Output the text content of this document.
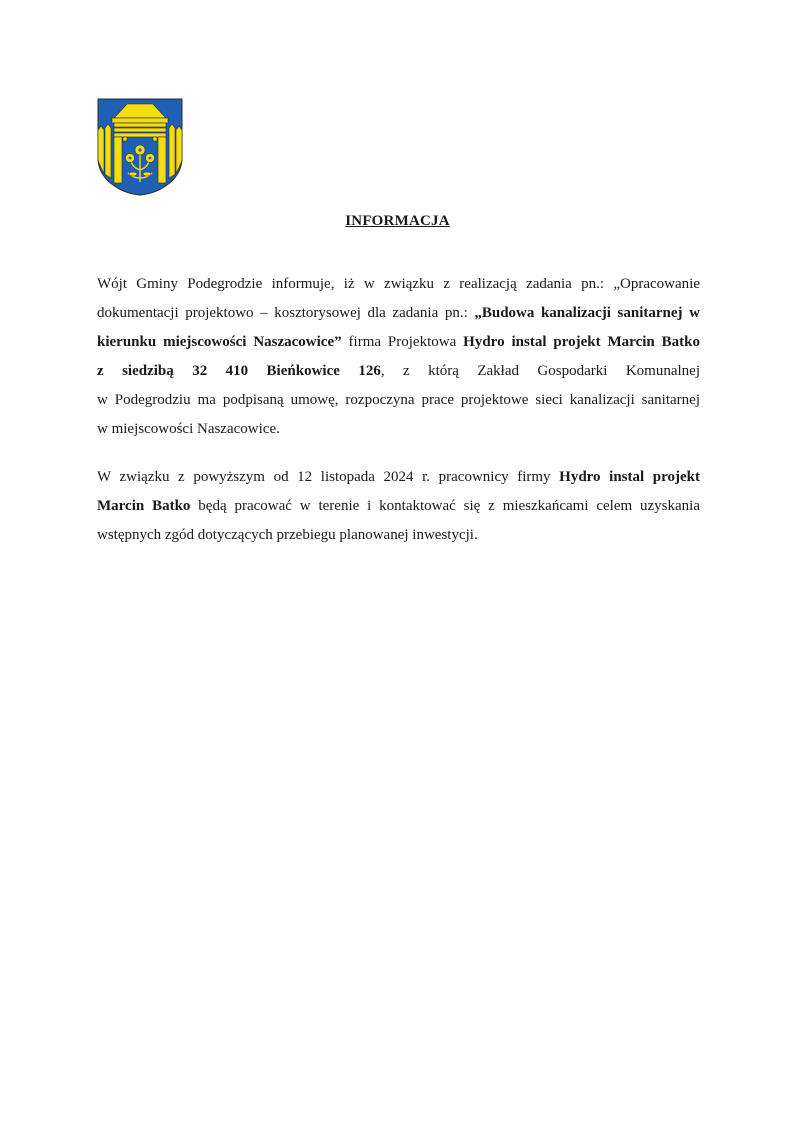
INFORMACJA
Wójt Gminy Podegrodzie informuje, iż w związku z realizacją zadania pn.: „Opracowanie
dokumentacji projektowo – kosztorysowej dla zadania pn.: „Budowa kanalizacji sanitarnej w
kierunku miejscowości Naszacowice” firma Projektowa Hydro instal projekt Marcin Batko
z siedzibą 32 410 Bieńkowice 126, z którą Zakład Gospodarki Komunalnej
w Podegrodziu ma podpisaną umowę, rozpoczyna prace projektowe sieci kanalizacji sanitarnej
w miejscowości Naszacowice.
W związku z powyższym od 12 listopada 2024 r. pracownicy firmy Hydro instal projekt
Marcin Batko będą pracować w terenie i kontaktować się z mieszkańcami celem uzyskania
wstępnych zgód dotyczących przebiegu planowanej inwestycji.
